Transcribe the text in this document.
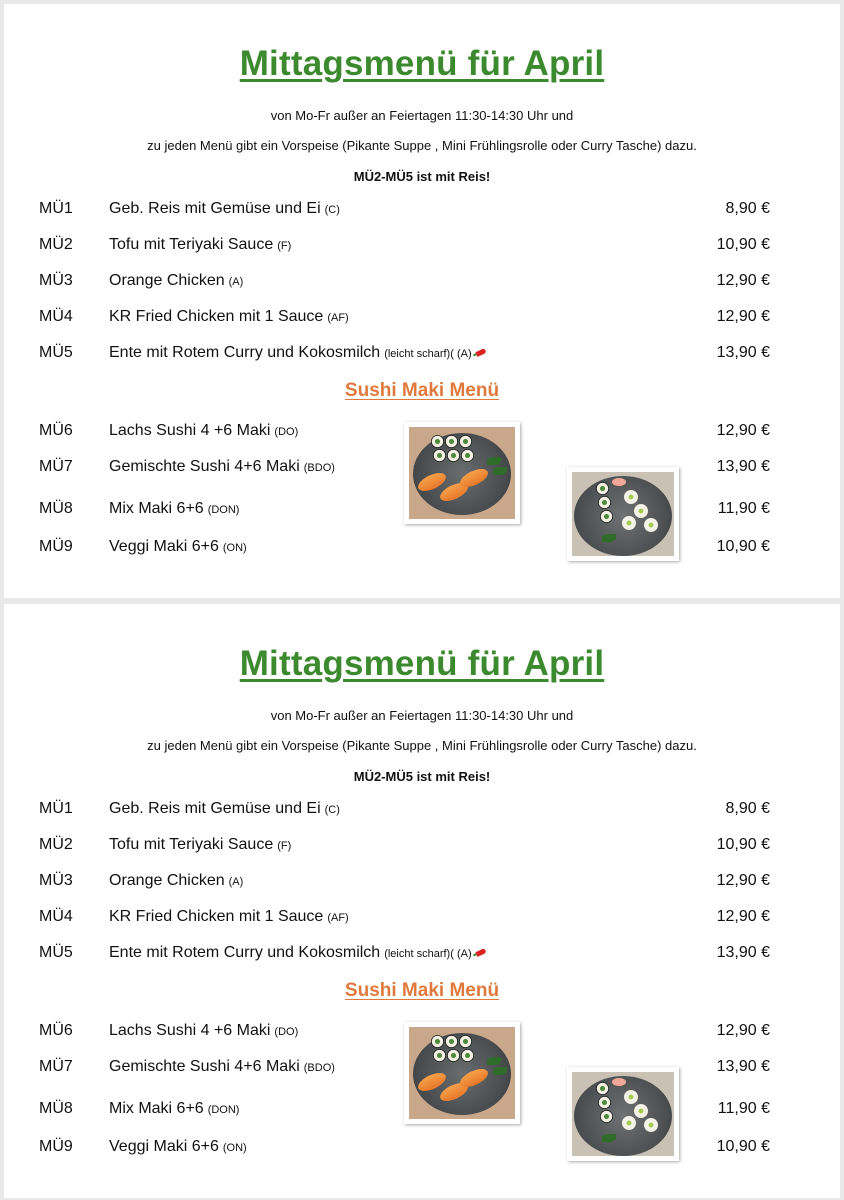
Mittagsmenü für April
von Mo-Fr außer an Feiertagen 11:30-14:30 Uhr und
zu jeden Menü gibt ein Vorspeise (Pikante Suppe , Mini Frühlingsrolle oder Curry Tasche) dazu.
MÜ2-MÜ5 ist mit Reis!
MÜ1 Geb. Reis mit Gemüse und Ei (C)	8,90 €
MÜ2 Tofu mit Teriyaki Sauce (F)	10,90 €
MÜ3 Orange Chicken (A)	12,90 €
MÜ4 KR Fried Chicken mit 1 Sauce (AF)	12,90 €
MÜ5 Ente mit Rotem Curry und Kokosmilch (leicht scharf)( (A)	13,90 €
Sushi Maki Menü
MÜ6 Lachs Sushi 4 +6 Maki (DO)	12,90 €
MÜ7 Gemischte Sushi 4+6 Maki (BDO)	13,90 €
MÜ8 Mix Maki 6+6 (DON)	11,90 €
MÜ9 Veggi Maki 6+6 (ON)	10,90 €
Mittagsmenü für April
von Mo-Fr außer an Feiertagen 11:30-14:30 Uhr und
zu jeden Menü gibt ein Vorspeise (Pikante Suppe , Mini Frühlingsrolle oder Curry Tasche) dazu.
MÜ2-MÜ5 ist mit Reis!
MÜ1 Geb. Reis mit Gemüse und Ei (C)	8,90 €
MÜ2 Tofu mit Teriyaki Sauce (F)	10,90 €
MÜ3 Orange Chicken (A)	12,90 €
MÜ4 KR Fried Chicken mit 1 Sauce (AF)	12,90 €
MÜ5 Ente mit Rotem Curry und Kokosmilch (leicht scharf)( (A)	13,90 €
Sushi Maki Menü
MÜ6 Lachs Sushi 4 +6 Maki (DO)	12,90 €
MÜ7 Gemischte Sushi 4+6 Maki (BDO)	13,90 €
MÜ8 Mix Maki 6+6 (DON)	11,90 €
MÜ9 Veggi Maki 6+6 (ON)	10,90 €
